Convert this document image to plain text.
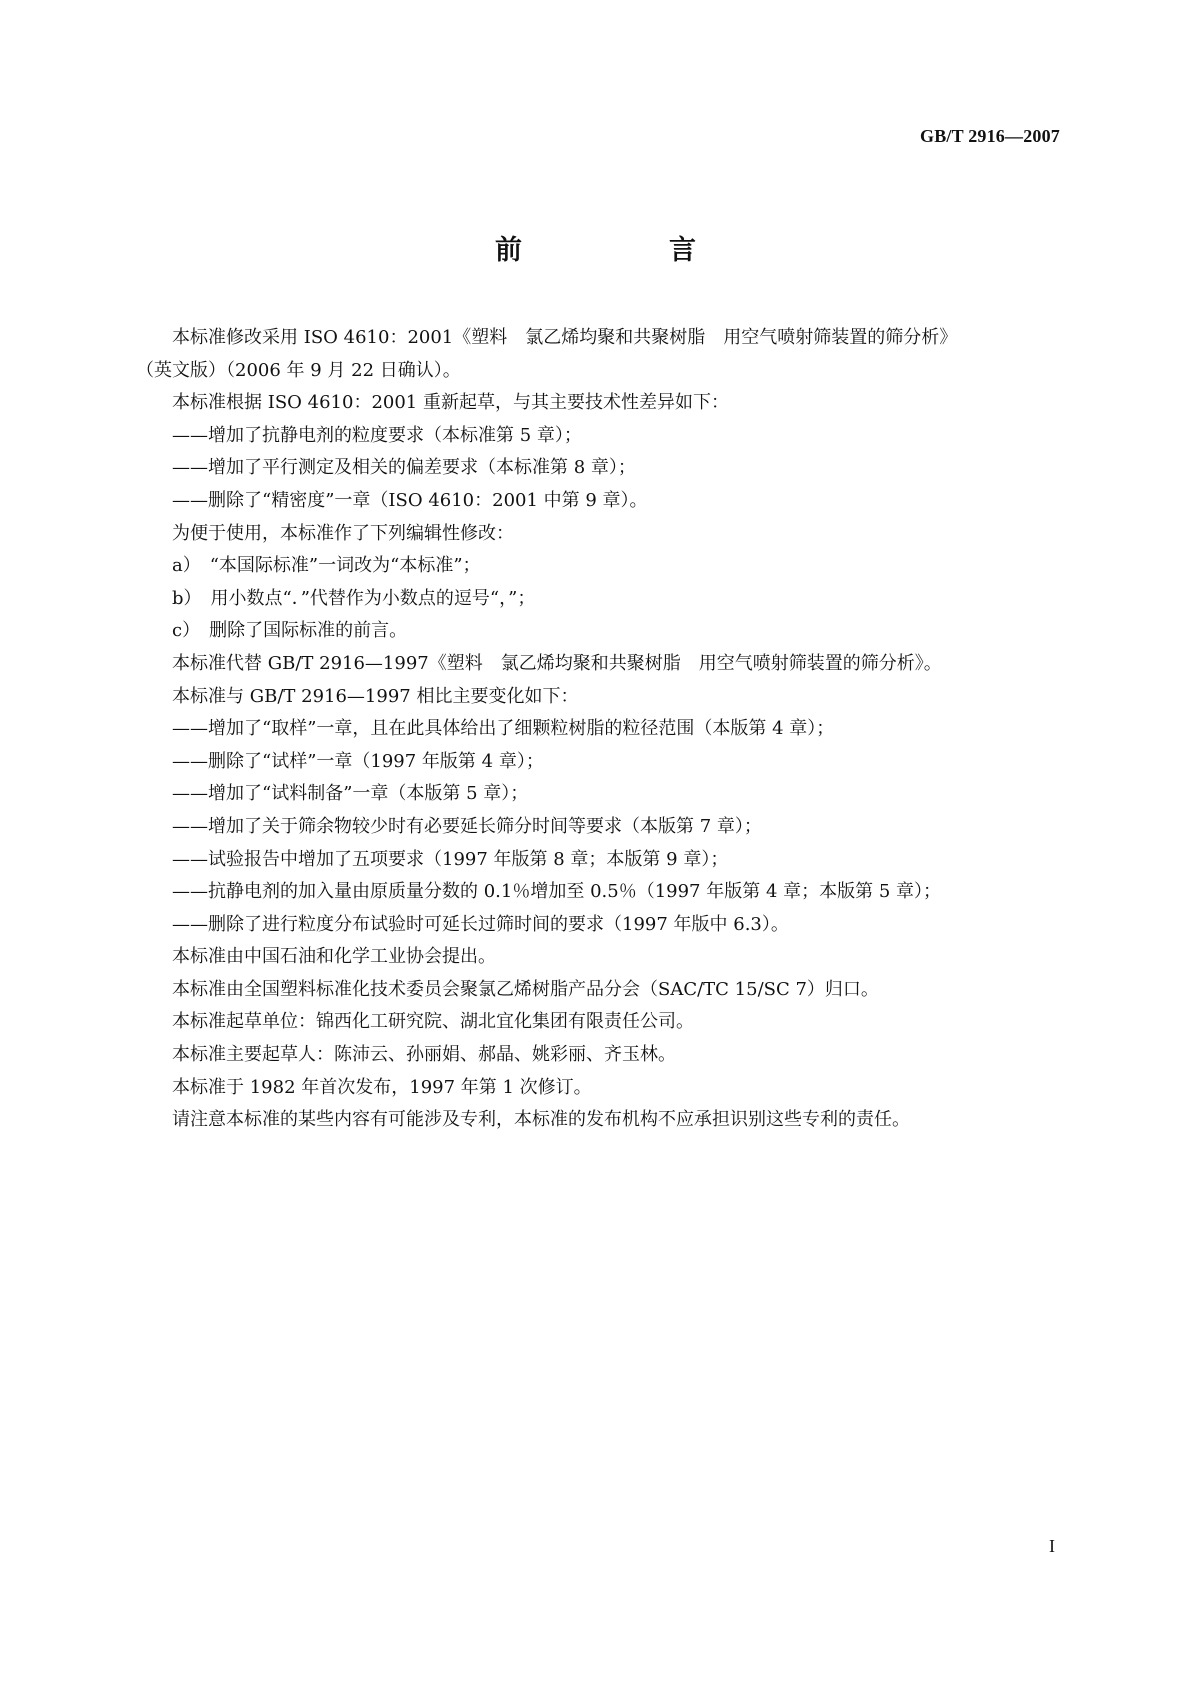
GB/T 2916—2007
前　言

本标准修改采用 ISO 4610：2001《塑料　氯乙烯均聚和共聚树脂　用空气喷射筛装置的筛分析》

（英文版）（2006 年 9 月 22 日确认）。

本标准根据 ISO 4610：2001 重新起草，与其主要技术性差异如下：

——增加了抗静电剂的粒度要求（本标准第 5 章）；

——增加了平行测定及相关的偏差要求（本标准第 8 章）；

——删除了“精密度”一章（ISO 4610：2001 中第 9 章）。

为便于使用，本标准作了下列编辑性修改：

a）　“本国际标准”一词改为“本标准”；

b）　用小数点“．”代替作为小数点的逗号“，”；

c）　删除了国际标准的前言。

本标准代替 GB/T 2916—1997《塑料　氯乙烯均聚和共聚树脂　用空气喷射筛装置的筛分析》。

本标准与 GB/T 2916—1997 相比主要变化如下：

——增加了“取样”一章，且在此具体给出了细颗粒树脂的粒径范围（本版第 4 章）；

——删除了“试样”一章（1997 年版第 4 章）；

——增加了“试料制备”一章（本版第 5 章）；

——增加了关于筛余物较少时有必要延长筛分时间等要求（本版第 7 章）；

——试验报告中增加了五项要求（1997 年版第 8 章；本版第 9 章）；

——抗静电剂的加入量由原质量分数的 0.1％增加至 0.5％（1997 年版第 4 章；本版第 5 章）；

——删除了进行粒度分布试验时可延长过筛时间的要求（1997 年版中 6.3）。

本标准由中国石油和化学工业协会提出。

本标准由全国塑料标准化技术委员会聚氯乙烯树脂产品分会（SAC/TC 15/SC 7）归口。

本标准起草单位：锦西化工研究院、湖北宜化集团有限责任公司。

本标准主要起草人：陈沛云、孙丽娟、郝晶、姚彩丽、齐玉林。

本标准于 1982 年首次发布，1997 年第 1 次修订。

请注意本标准的某些内容有可能涉及专利，本标准的发布机构不应承担识别这些专利的责任。

I
